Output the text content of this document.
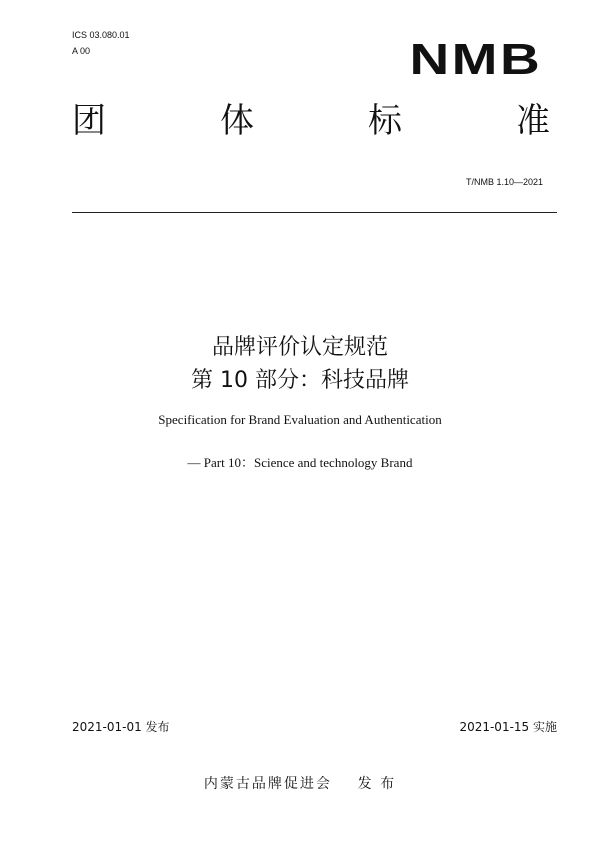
ICS 03.080.01
A 00	NMB
团	体	标	准
T/NMB 1.10—2021
品牌评价认定规范
第 10 部分：科技品牌
Specification for Brand Evaluation and Authentication
— Part 10：Science and technology Brand
2021-01-01 发布	2021-01-15 实施
内蒙古品牌促进会    发 布
